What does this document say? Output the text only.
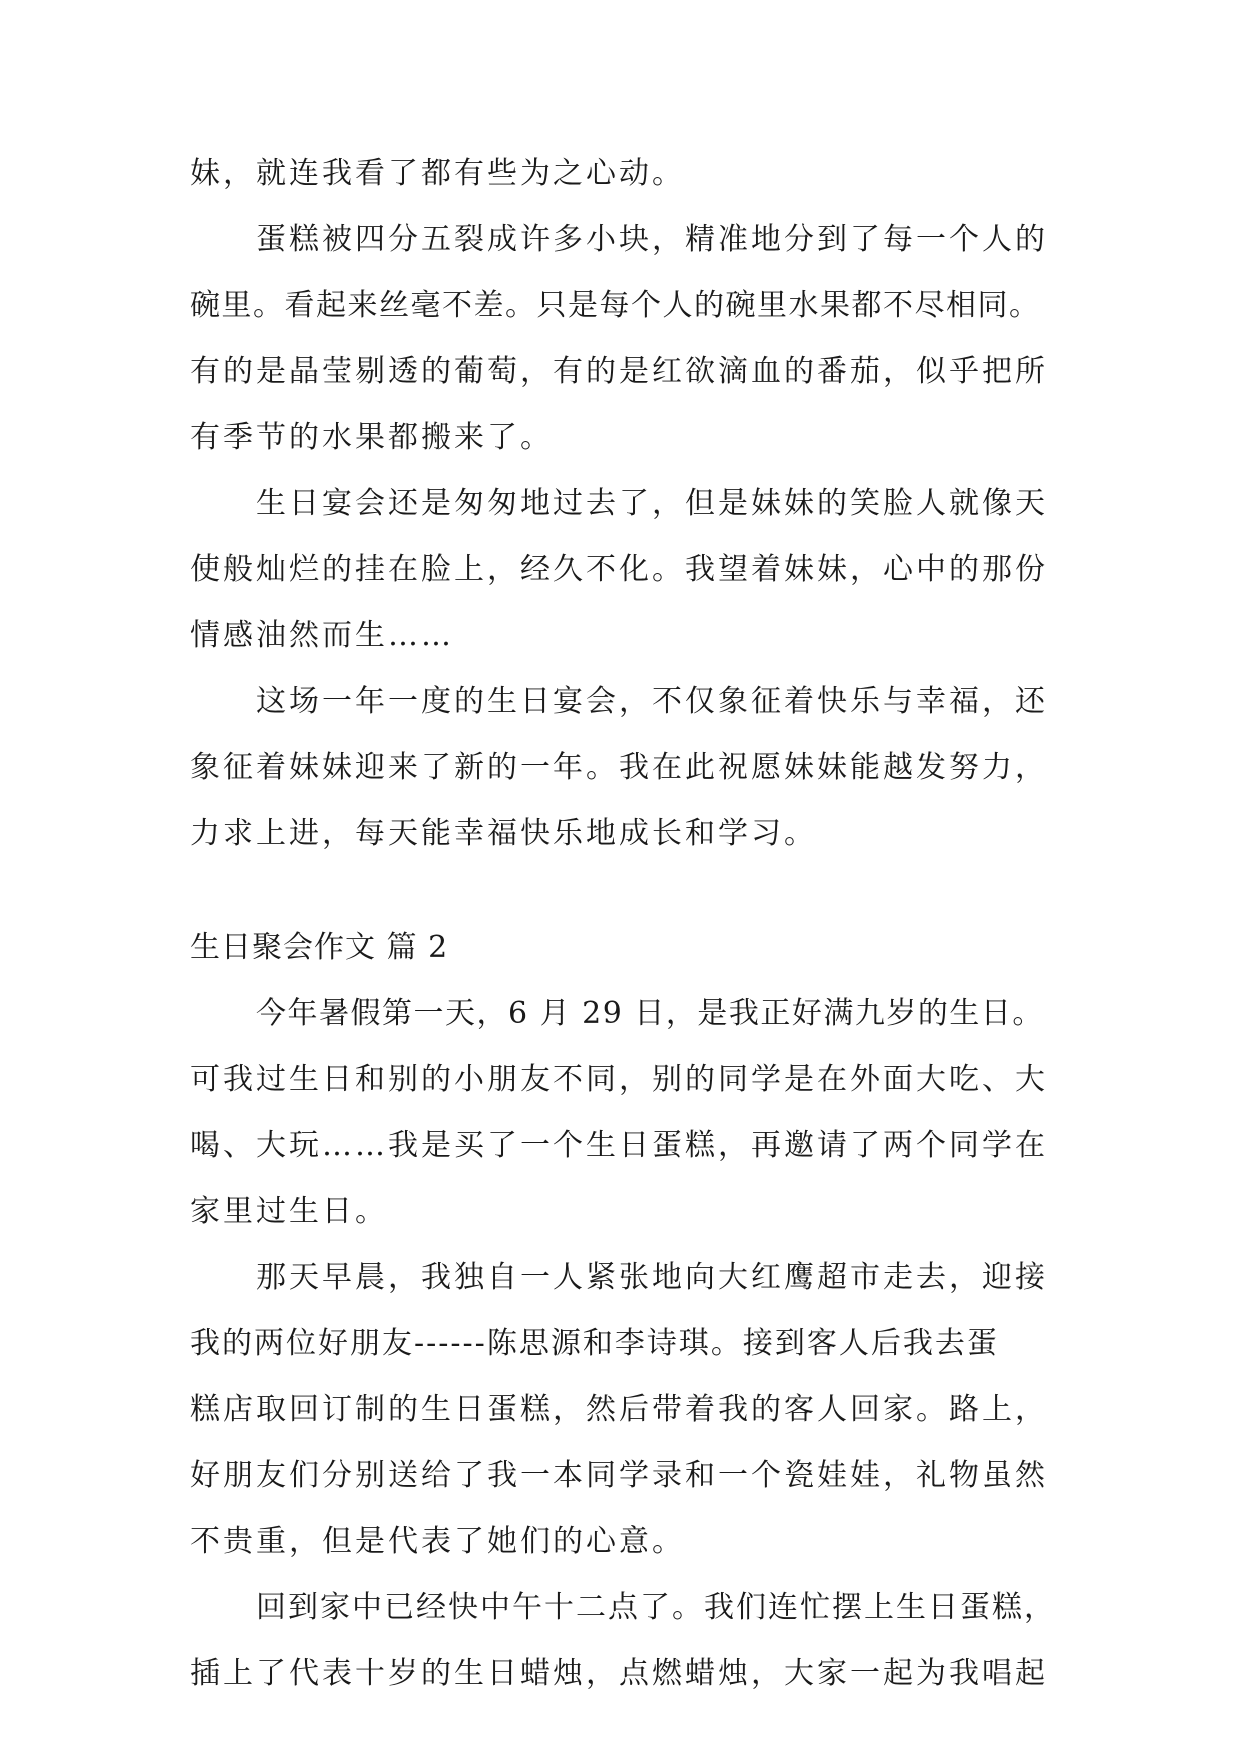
妹，就连我看了都有些为之心动。

蛋糕被四分五裂成许多小块，精准地分到了每一个人的

碗里。看起来丝毫不差。只是每个人的碗里水果都不尽相同。

有的是晶莹剔透的葡萄，有的是红欲滴血的番茄，似乎把所

有季节的水果都搬来了。

生日宴会还是匆匆地过去了，但是妹妹的笑脸人就像天

使般灿烂的挂在脸上，经久不化。我望着妹妹，心中的那份

情感油然而生……

这场一年一度的生日宴会，不仅象征着快乐与幸福，还

象征着妹妹迎来了新的一年。我在此祝愿妹妹能越发努力，

力求上进，每天能幸福快乐地成长和学习。

生日聚会作文 篇 2

今年暑假第一天，6 月 29 日，是我正好满九岁的生日。

可我过生日和别的小朋友不同，别的同学是在外面大吃、大

喝、大玩……我是买了一个生日蛋糕，再邀请了两个同学在

家里过生日。

那天早晨，我独自一人紧张地向大红鹰超市走去，迎接

我的两位好朋友------陈思源和李诗琪。接到客人后我去蛋

糕店取回订制的生日蛋糕，然后带着我的客人回家。路上，

好朋友们分别送给了我一本同学录和一个瓷娃娃，礼物虽然

不贵重，但是代表了她们的心意。

回到家中已经快中午十二点了。我们连忙摆上生日蛋糕，

插上了代表十岁的生日蜡烛，点燃蜡烛，大家一起为我唱起
